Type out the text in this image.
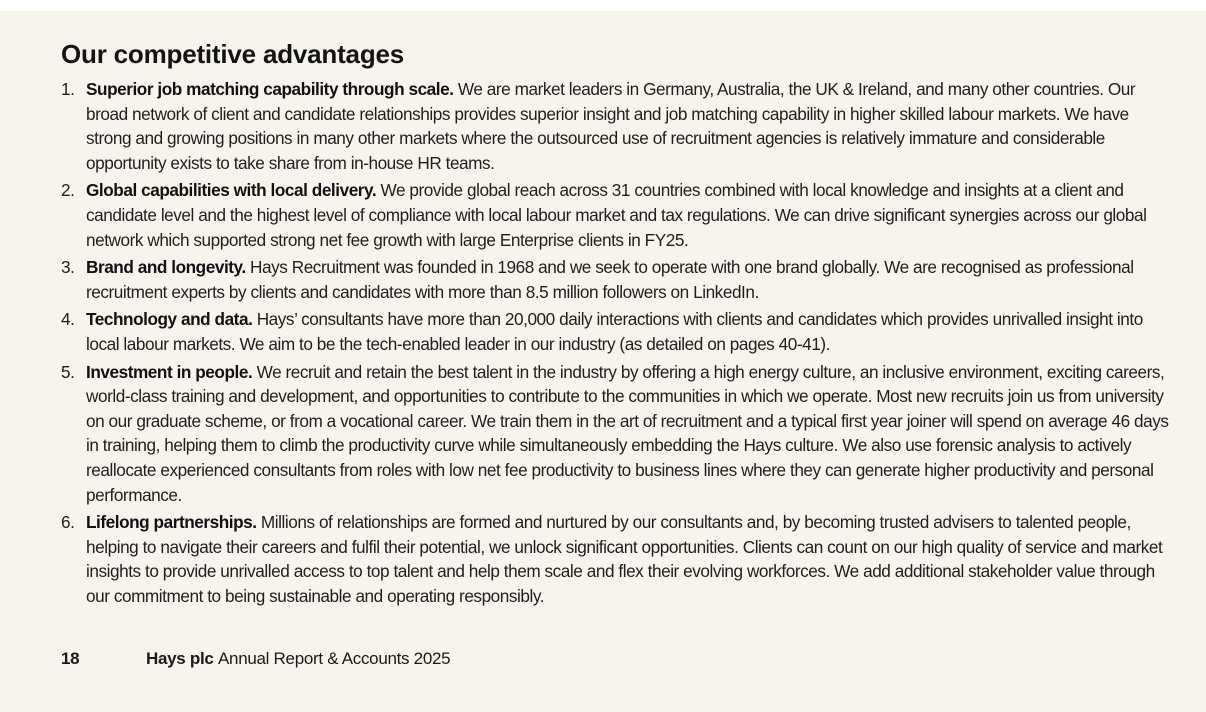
Our competitive advantages
1. Superior job matching capability through scale. We are market leaders in Germany, Australia, the UK & Ireland, and many other countries. Our broad network of client and candidate relationships provides superior insight and job matching capability in higher skilled labour markets. We have strong and growing positions in many other markets where the outsourced use of recruitment agencies is relatively immature and considerable opportunity exists to take share from in-house HR teams.
2. Global capabilities with local delivery. We provide global reach across 31 countries combined with local knowledge and insights at a client and candidate level and the highest level of compliance with local labour market and tax regulations. We can drive significant synergies across our global network which supported strong net fee growth with large Enterprise clients in FY25.
3. Brand and longevity. Hays Recruitment was founded in 1968 and we seek to operate with one brand globally. We are recognised as professional recruitment experts by clients and candidates with more than 8.5 million followers on LinkedIn.
4. Technology and data. Hays’ consultants have more than 20,000 daily interactions with clients and candidates which provides unrivalled insight into local labour markets. We aim to be the tech-enabled leader in our industry (as detailed on pages 40-41).
5. Investment in people. We recruit and retain the best talent in the industry by offering a high energy culture, an inclusive environment, exciting careers, world-class training and development, and opportunities to contribute to the communities in which we operate. Most new recruits join us from university on our graduate scheme, or from a vocational career. We train them in the art of recruitment and a typical first year joiner will spend on average 46 days in training, helping them to climb the productivity curve while simultaneously embedding the Hays culture. We also use forensic analysis to actively reallocate experienced consultants from roles with low net fee productivity to business lines where they can generate higher productivity and personal performance.
6. Lifelong partnerships. Millions of relationships are formed and nurtured by our consultants and, by becoming trusted advisers to talented people, helping to navigate their careers and fulfil their potential, we unlock significant opportunities. Clients can count on our high quality of service and market insights to provide unrivalled access to top talent and help them scale and flex their evolving workforces. We add additional stakeholder value through our commitment to being sustainable and operating responsibly.
18	Hays plc Annual Report & Accounts 2025
